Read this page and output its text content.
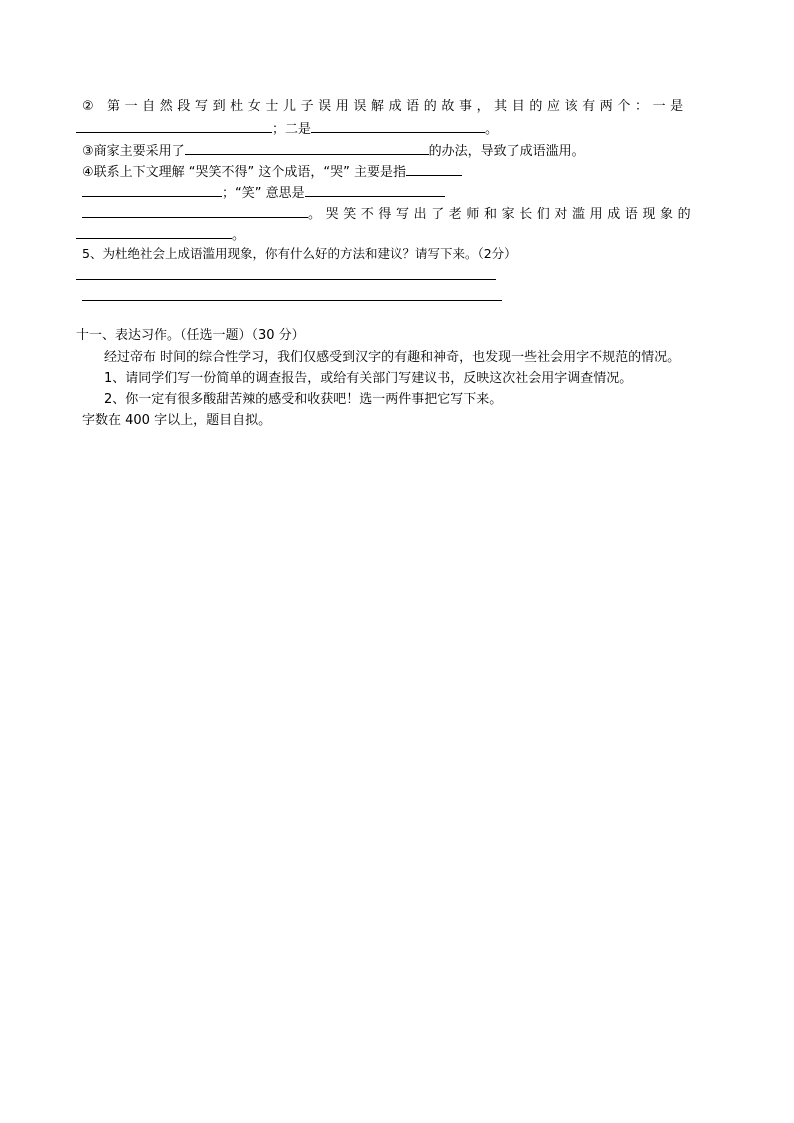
② 第一自然段写到杜女士儿子误用误解成语的故事，其目的应该有两个：一是
；二是	。
③商家主要采用了	的办法，导致了成语滥用。
④联系上下文理解 “哭笑不得” 这个成语，“哭” 主要是指
；“笑” 意思是
。哭笑不得写出了老师和家长们对滥用成语现象的
。
5、为杜绝社会上成语滥用现象，你有什么好的方法和建议？请写下来。（2分）
十一、表达习作。（任选一题）（30 分）
经过帝布 时间的综合性学习，我们仅感受到汉字的有趣和神奇，也发现一些社会用字不规范的情况。
1、请同学们写一份简单的调查报告，或给有关部门写建议书，反映这次社会用字调查情况。
2、你一定有很多酸甜苦辣的感受和收获吧！选一两件事把它写下来。
字数在 400 字以上，题目自拟。
